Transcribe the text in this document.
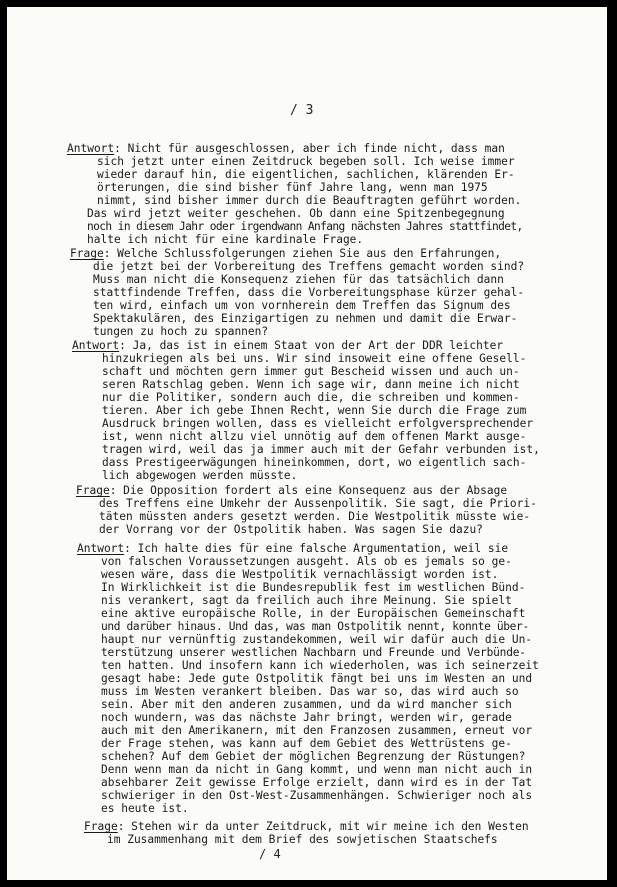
/ 3
Antwort: Nicht für ausgeschlossen, aber ich finde nicht, dass man
sich jetzt unter einen Zeitdruck begeben soll. Ich weise immer
wieder darauf hin, die eigentlichen, sachlichen, klärenden Er-
örterungen, die sind bisher fünf Jahre lang, wenn man 1975
nimmt, sind bisher immer durch die Beauftragten geführt worden.
Das wird jetzt weiter geschehen. Ob dann eine Spitzenbegegnung
noch in diesem Jahr oder irgendwann Anfang nächsten Jahres stattfindet,
halte ich nicht für eine kardinale Frage.
Frage: Welche Schlussfolgerungen ziehen Sie aus den Erfahrungen,
die jetzt bei der Vorbereitung des Treffens gemacht worden sind?
Muss man nicht die Konsequenz ziehen für das tatsächlich dann
stattfindende Treffen, dass die Vorbereitungsphase kürzer gehal-
ten wird, einfach um von vornherein dem Treffen das Signum des
Spektakulären, des Einzigartigen zu nehmen und damit die Erwar-
tungen zu hoch zu spannen?
Antwort: Ja, das ist in einem Staat von der Art der DDR leichter
hinzukriegen als bei uns. Wir sind insoweit eine offene Gesell-
schaft und möchten gern immer gut Bescheid wissen und auch un-
seren Ratschlag geben. Wenn ich sage wir, dann meine ich nicht
nur die Politiker, sondern auch die, die schreiben und kommen-
tieren. Aber ich gebe Ihnen Recht, wenn Sie durch die Frage zum
Ausdruck bringen wollen, dass es vielleicht erfolgversprechender
ist, wenn nicht allzu viel unnötig auf dem offenen Markt ausge-
tragen wird, weil das ja immer auch mit der Gefahr verbunden ist,
dass Prestigeerwägungen hineinkommen, dort, wo eigentlich sach-
lich abgewogen werden müsste.
Frage: Die Opposition fordert als eine Konsequenz aus der Absage
des Treffens eine Umkehr der Aussenpolitik. Sie sagt, die Priori-
täten müssten anders gesetzt werden. Die Westpolitik müsste wie-
der Vorrang vor der Ostpolitik haben. Was sagen Sie dazu?
Antwort: Ich halte dies für eine falsche Argumentation, weil sie
von falschen Voraussetzungen ausgeht. Als ob es jemals so ge-
wesen wäre, dass die Westpolitik vernachlässigt worden ist.
In Wirklichkeit ist die Bundesrepublik fest im westlichen Bünd-
nis verankert, sagt da freilich auch ihre Meinung. Sie spielt
eine aktive europäische Rolle, in der Europäischen Gemeinschaft
und darüber hinaus. Und das, was man Ostpolitik nennt, konnte über-
haupt nur vernünftig zustandekommen, weil wir dafür auch die Un-
terstützung unserer westlichen Nachbarn und Freunde und Verbünde-
ten hatten. Und insofern kann ich wiederholen, was ich seinerzeit
gesagt habe: Jede gute Ostpolitik fängt bei uns im Westen an und
muss im Westen verankert bleiben. Das war so, das wird auch so
sein. Aber mit den anderen zusammen, und da wird mancher sich
noch wundern, was das nächste Jahr bringt, werden wir, gerade
auch mit den Amerikanern, mit den Franzosen zusammen, erneut vor
der Frage stehen, was kann auf dem Gebiet des Wettrüstens ge-
schehen? Auf dem Gebiet der möglichen Begrenzung der Rüstungen?
Denn wenn man da nicht in Gang kommt, und wenn man nicht auch in
absehbarer Zeit gewisse Erfolge erzielt, dann wird es in der Tat
schwieriger in den Ost-West-Zusammenhängen. Schwieriger noch als
es heute ist.
Frage: Stehen wir da unter Zeitdruck, mit wir meine ich den Westen
im Zusammenhang mit dem Brief des sowjetischen Staatschefs
/ 4
